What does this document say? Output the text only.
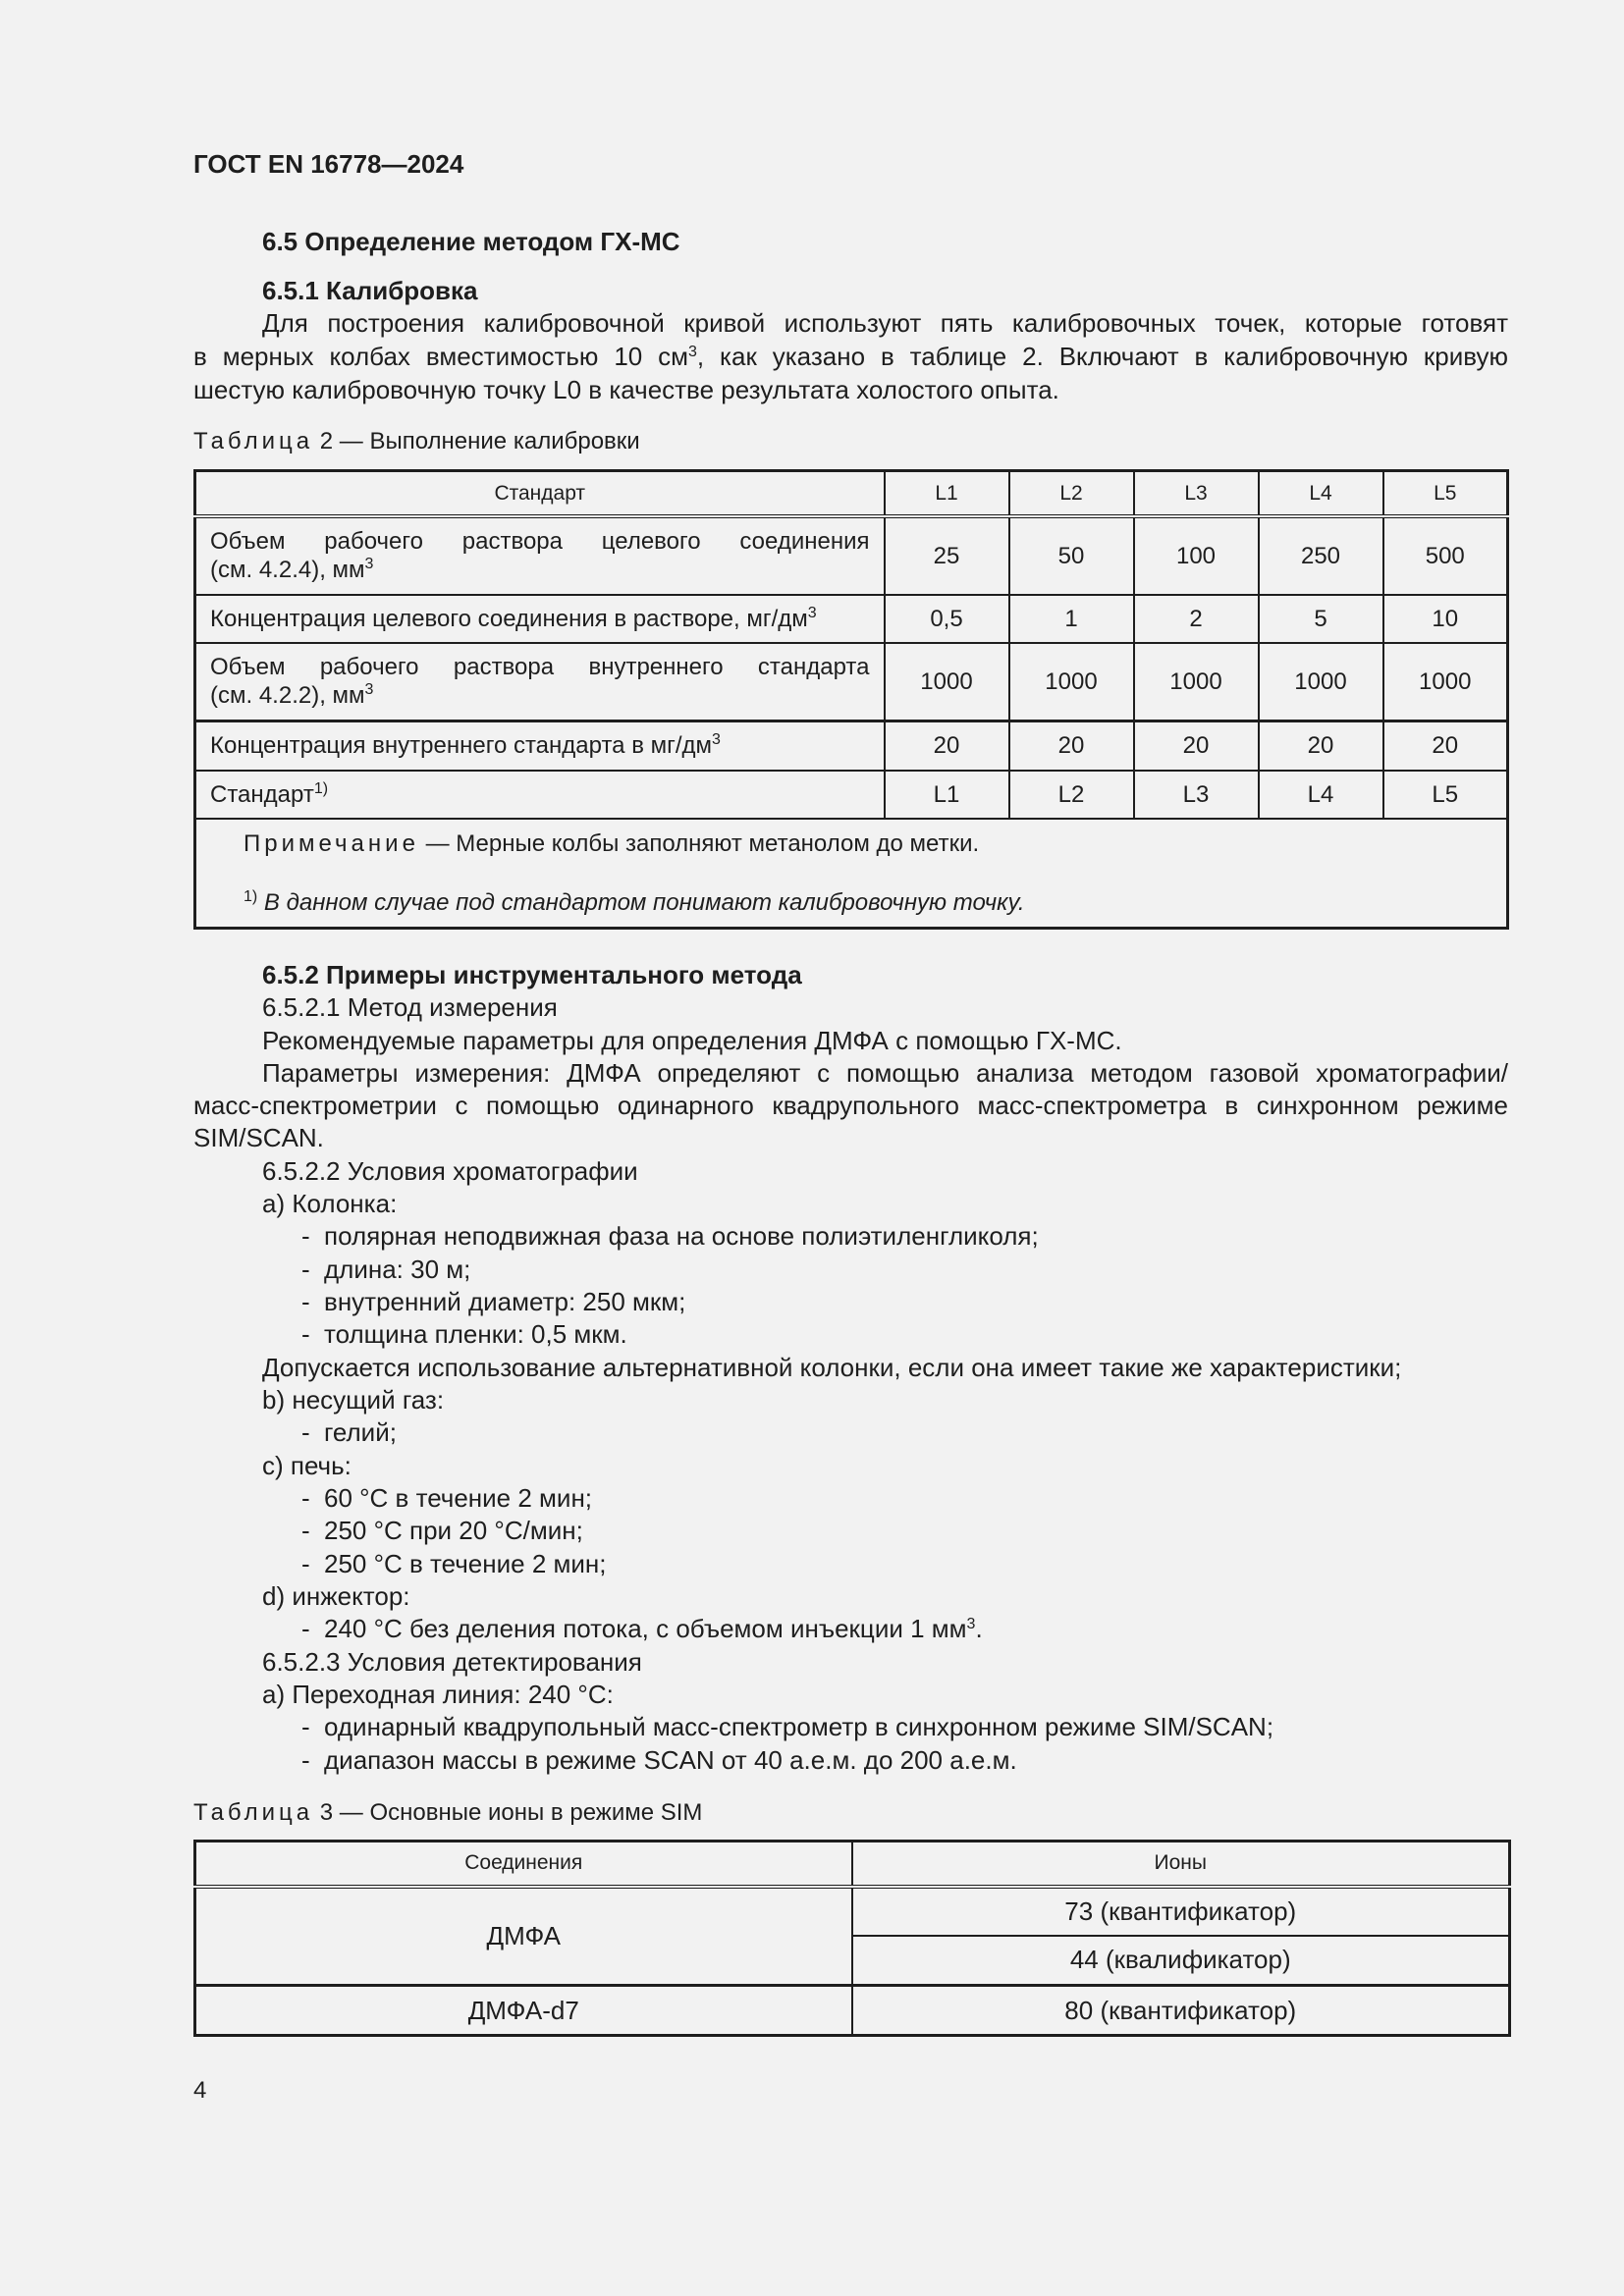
ГОСТ EN 16778—2024
6.5 Определение методом ГХ-МС
6.5.1 Калибровка
Для построения калибровочной кривой используют пять калибровочных точек, которые готовят
в мерных колбах вместимостью 10 $см^3$, как указано в таблице 2. Включают в калибровочную кривую
шестую калибровочную точку L0 в качестве результата холостого опыта.
Таблица 2 — Выполнение калибровки
Стандарт	L1	L2	L3	L4	L5

Объем рабочего раствора целевого соединения
(см. 4.2.4), $мм^3$	25	50	100	250	500
Концентрация целевого соединения в растворе, $мг/дм^3$	0,5	1	2	5	10

Объем рабочего раствора внутреннего стандарта
(см. 4.2.2), $мм^3$	1000	1000	1000	1000	1000
Концентрация внутреннего стандарта в $мг/дм^3$	20	20	20	20	20
Стандарт$^{1)}$	L1	L2	L3	L4	L5

Примечание — Мерные колбы заполняют метанолом до метки.
$^{1)}$ В данном случае под стандартом понимают калибровочную точку.					
6.5.2 Примеры инструментального метода
6.5.2.1 Метод измерения
Рекомендуемые параметры для определения ДМФА с помощью ГХ-МС.
Параметры измерения: ДМФА определяют с помощью анализа методом газовой хроматографии/
масс-спектрометрии с помощью одинарного квадрупольного масс-спектрометра в синхронном режиме
SIM/SCAN.
6.5.2.2 Условия хроматографии
a) Колонка:
- полярная неподвижная фаза на основе полиэтиленгликоля;
- длина: 30 м;
- внутренний диаметр: 250 мкм;
- толщина пленки: 0,5 мкм.
Допускается использование альтернативной колонки, если она имеет такие же характеристики;
b) несущий газ:
- гелий;
c) печь:
- 60 °С в течение 2 мин;
- 250 °С при 20 °С/мин;
- 250 °С в течение 2 мин;
d) инжектор:
- 240 °С без деления потока, с объемом инъекции 1 $мм^3$.
6.5.2.3 Условия детектирования
a) Переходная линия: 240 °С:
- одинарный квадрупольный масс-спектрометр в синхронном режиме SIM/SCAN;
- диапазон массы в режиме SCAN от 40 а.е.м. до 200 а.е.м.
Таблица 3 — Основные ионы в режиме SIM
Соединения	Ионы
ДМФА	73 (квантификатор)
	44 (квалификатор)
ДМФА-d7	80 (квантификатор)
4
